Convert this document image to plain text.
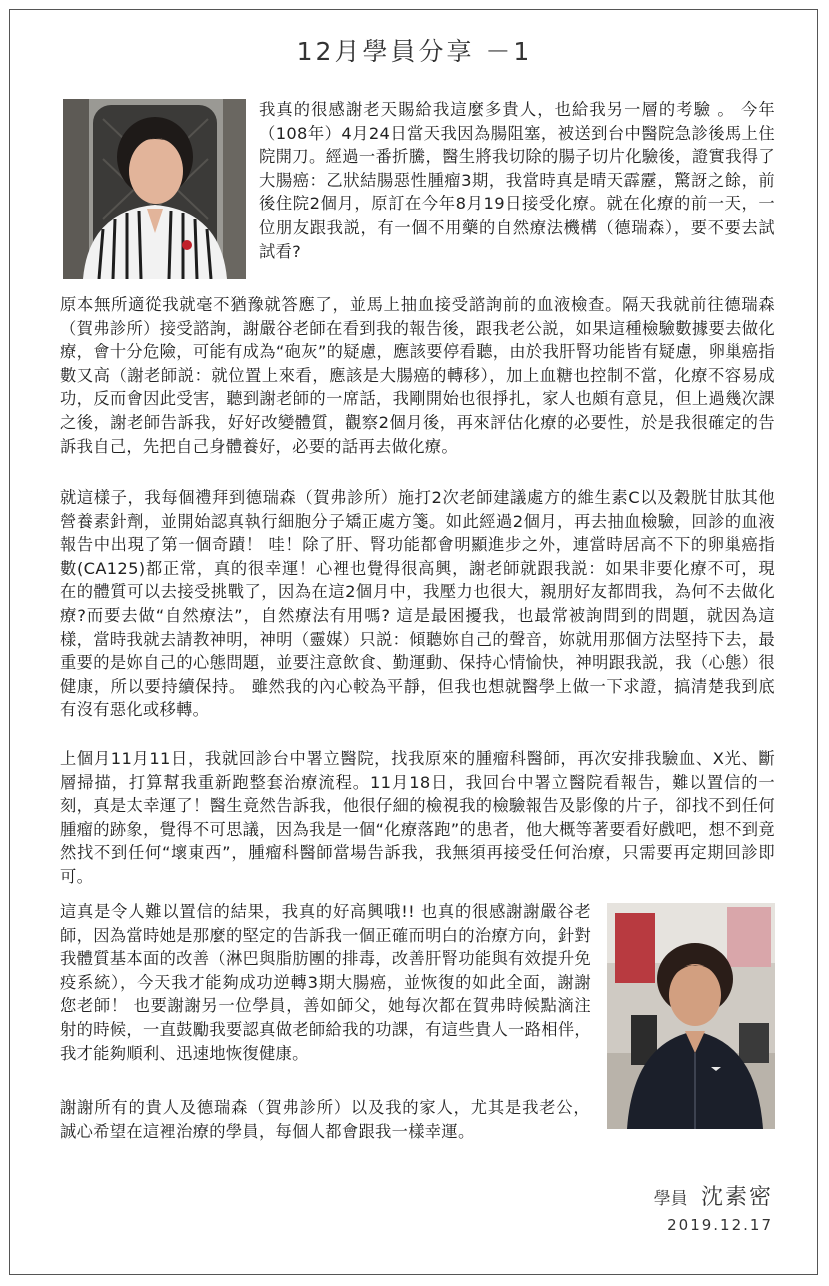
12月學員分享 －1

我真的很感謝老天賜給我這麼多貴人，也給我另一層的考驗 。 今年（108年）4月24日當天我因為腸阻塞，被送到台中醫院急診後馬上住院開刀。經過一番折騰，醫生將我切除的腸子切片化驗後，證實我得了大腸癌：乙狀結腸惡性腫瘤3期，我當時真是晴天霹靂，驚訝之餘，前後住院2個月，原訂在今年8月19日接受化療。就在化療的前一天，一位朋友跟我説，有一個不用藥的自然療法機構（德瑞森），要不要去試試看?

原本無所適從我就毫不猶豫就答應了，並馬上抽血接受諮詢前的血液檢查。隔天我就前往德瑞森（賀弗診所）接受諮詢，謝嚴谷老師在看到我的報告後，跟我老公説，如果這種檢驗數據要去做化療，會十分危險，可能有成為“砲灰”的疑慮，應該要停看聽，由於我肝腎功能皆有疑慮，卵巢癌指數又高（謝老師説：就位置上來看，應該是大腸癌的轉移），加上血糖也控制不當，化療不容易成功，反而會因此受害，聽到謝老師的一席話，我剛開始也很掙扎，家人也頗有意見，但上過幾次課之後，謝老師告訴我，好好改變體質，觀察2個月後，再來評估化療的必要性，於是我很確定的告訴我自己，先把自己身體養好，必要的話再去做化療。

就這樣子，我每個禮拜到德瑞森（賀弗診所）施打2次老師建議處方的維生素C以及穀胱甘肽其他營養素針劑，並開始認真執行細胞分子矯正處方箋。如此經過2個月，再去抽血檢驗，回診的血液報告中出現了第一個奇蹟！ 哇！除了肝、腎功能都會明顯進步之外，連當時居高不下的卵巢癌指數(CA125)都正常，真的很幸運！心裡也覺得很高興，謝老師就跟我説：如果非要化療不可，現在的體質可以去接受挑戰了，因為在這2個月中，我壓力也很大，親朋好友都問我，為何不去做化療?而要去做“自然療法”，自然療法有用嗎? 這是最困擾我，也最常被詢問到的問題，就因為這樣，當時我就去請教神明，神明（靈媒）只説：傾聽妳自己的聲音，妳就用那個方法堅持下去，最重要的是妳自己的心態問題，並要注意飲食、勤運動、保持心情愉快，神明跟我説，我（心態）很健康，所以要持續保持。 雖然我的內心較為平靜，但我也想就醫學上做一下求證，搞清楚我到底有沒有惡化或移轉。

上個月11月11日，我就回診台中署立醫院，找我原來的腫瘤科醫師，再次安排我驗血、X光、斷層掃描，打算幫我重新跑整套治療流程。11月18日，我回台中署立醫院看報告，難以置信的一刻，真是太幸運了！醫生竟然告訴我，他很仔細的檢視我的檢驗報告及影像的片子，卻找不到任何腫瘤的跡象，覺得不可思議，因為我是一個“化療落跑”的患者，他大概等著要看好戲吧，想不到竟然找不到任何“壞東西”，腫瘤科醫師當場告訴我，我無須再接受任何治療，只需要再定期回診即可。

這真是令人難以置信的結果，我真的好高興哦!! 也真的很感謝謝嚴谷老師，因為當時她是那麼的堅定的告訴我一個正確而明白的治療方向，針對我體質基本面的改善（淋巴與脂肪團的排毒，改善肝腎功能與有效提升免疫系統），今天我才能夠成功逆轉3期大腸癌，並恢復的如此全面，謝謝您老師！ 也要謝謝另一位學員，善如師父，她每次都在賀弗時候點滴注射的時候，一直鼓勵我要認真做老師給我的功課，有這些貴人一路相伴，我才能夠順利、迅速地恢復健康。

謝謝所有的貴人及德瑞森（賀弗診所）以及我的家人，尤其是我老公，誠心希望在這裡治療的學員，每個人都會跟我一樣幸運。

學員 沈素密
2019.12.17
